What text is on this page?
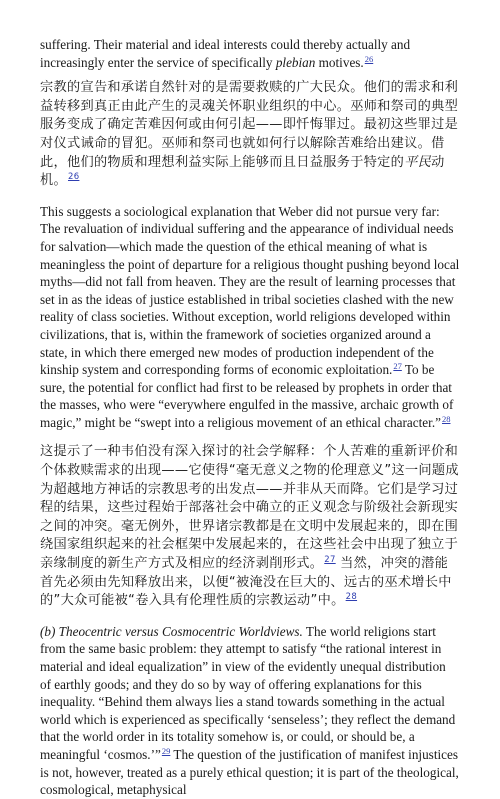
suffering. Their material and ideal interests could thereby actually and increasingly enter the service of specifically plebian motives.$^{26}$

宗教的宣告和承诺自然针对的是需要救赎的广大民众。他们的需求和利益转移到真正由此产生的灵魂关怀职业组织的中心。巫师和祭司的典型服务变成了确定苦难因何或由何引起——即忏悔罪过。最初这些罪过是对仪式诫命的冒犯。巫师和祭司也就如何行以解除苦难给出建议。借此，他们的物质和理想利益实际上能够而且日益服务于特定的平民动机。$^{26}$

This suggests a sociological explanation that Weber did not pursue very far: The revaluation of individual suffering and the appearance of individual needs for salvation—which made the question of the ethical meaning of what is meaningless the point of departure for a religious thought pushing beyond local myths—did not fall from heaven. They are the result of learning processes that set in as the ideas of justice established in tribal societies clashed with the new reality of class societies. Without exception, world religions developed within civilizations, that is, within the framework of societies organized around a state, in which there emerged new modes of production independent of the kinship system and corresponding forms of economic exploitation.$^{27}$ To be sure, the potential for conflict had first to be released by prophets in order that the masses, who were “everywhere engulfed in the massive, archaic growth of magic,” might be “swept into a religious movement of an ethical character.”$^{28}$

这提示了一种韦伯没有深入探讨的社会学解释：个人苦难的重新评价和个体救赎需求的出现——它使得“毫无意义之物的伦理意义”这一问题成为超越地方神话的宗教思考的出发点——并非从天而降。它们是学习过程的结果，这些过程始于部落社会中确立的正义观念与阶级社会新现实之间的冲突。毫无例外，世界诸宗教都是在文明中发展起来的，即在围绕国家组织起来的社会框架中发展起来的，在这些社会中出现了独立于亲缘制度的新生产方式及相应的经济剥削形式。$^{27}$ 当然，冲突的潜能首先必须由先知释放出来，以便“被淹没在巨大的、远古的巫术增长中的”大众可能被“卷入具有伦理性质的宗教运动”中。$^{28}$

(b) Theocentric versus Cosmocentric Worldviews. The world religions start from the same basic problem: they attempt to satisfy “the rational interest in material and ideal equalization” in view of the evidently unequal distribution of earthly goods; and they do so by way of offering explanations for this inequality. “Behind them always lies a stand towards something in the actual world which is experienced as specifically ‘senseless’; they reflect the demand that the world order in its totality somehow is, or could, or should be, a meaningful ‘cosmos.’”$^{29}$ The question of the justification of manifest injustices is not, however, treated as a purely ethical question; it is part of the theological, cosmological, metaphysical
